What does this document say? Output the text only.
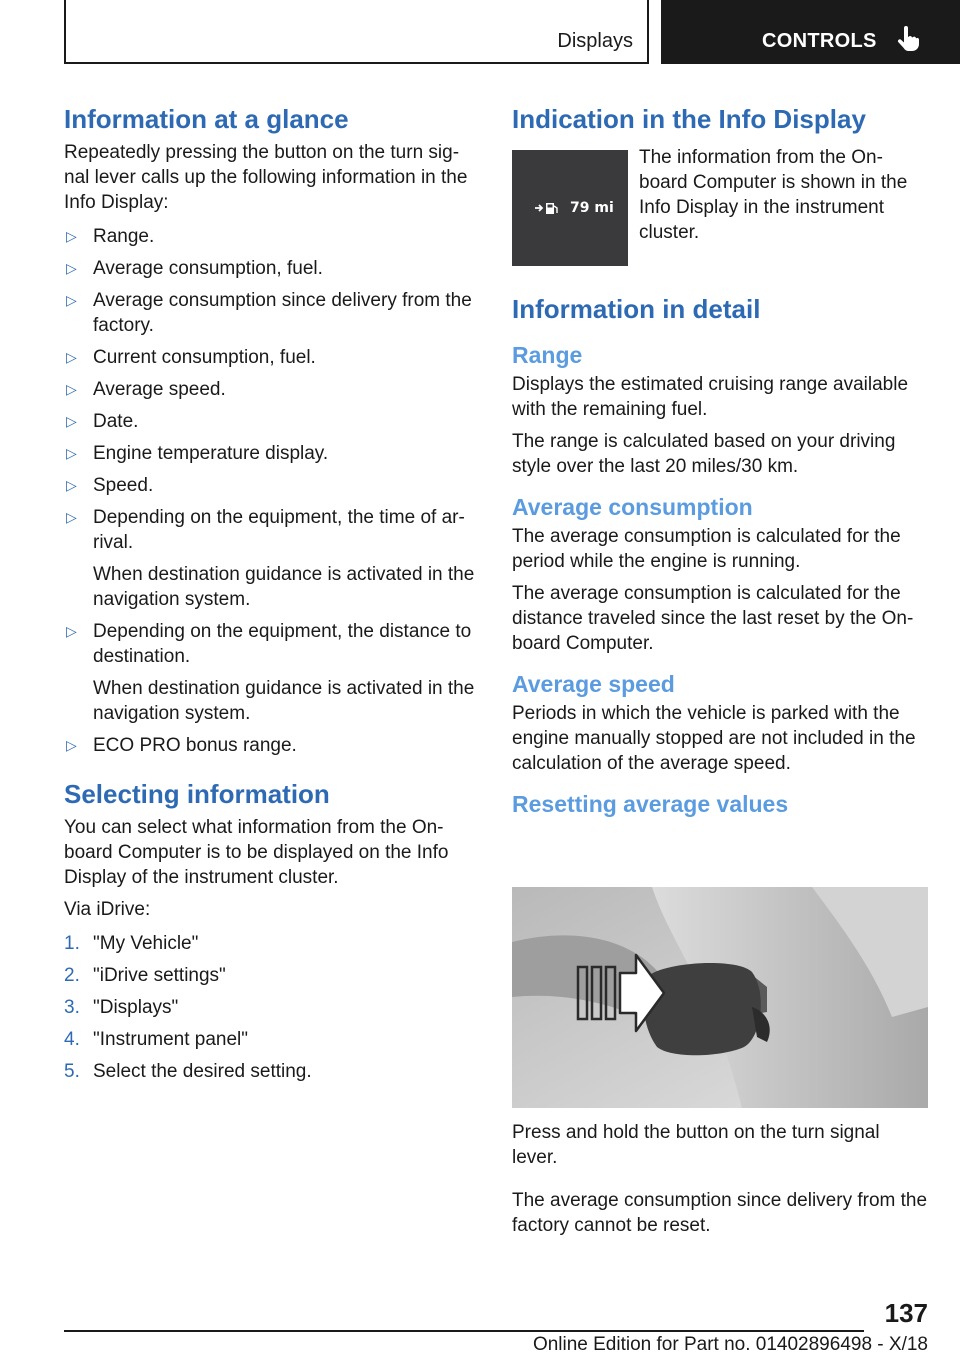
Displays	CONTROLS
Information at a glance

Repeatedly pressing the button on the turn sig-nal lever calls up the following information in the Info Display:

▷ Range.
▷ Average consumption, fuel.
▷ Average consumption since delivery from the factory.
▷ Current consumption, fuel.
▷ Average speed.
▷ Date.
▷ Engine temperature display.
▷ Speed.
▷ Depending on the equipment, the time of ar-rival.
When destination guidance is activated in the navigation system.
▷ Depending on the equipment, the distance to destination.
When destination guidance is activated in the navigation system.
▷ ECO PRO bonus range.
Selecting information

You can select what information from the On-board Computer is to be displayed on the Info Display of the instrument cluster.

Via iDrive:

1. "My Vehicle"
2. "iDrive settings"
3. "Displays"
4. "Instrument panel"
5. Select the desired setting.
Indication in the Info Display
79 mi

The information from the On-board Computer is shown in the Info Display in the instrument cluster.

Information in detail
Range

Displays the estimated cruising range available with the remaining fuel.

The range is calculated based on your driving style over the last 20 miles/30 km.

Average consumption

The average consumption is calculated for the period while the engine is running.

The average consumption is calculated for the distance traveled since the last reset by the On-board Computer.

Average speed

Periods in which the vehicle is parked with the engine manually stopped are not included in the calculation of the average speed.

Resetting average values

Press and hold the button on the turn signal lever.

The average consumption since delivery from the factory cannot be reset.

137
Online Edition for Part no. 01402896498 - X/18
